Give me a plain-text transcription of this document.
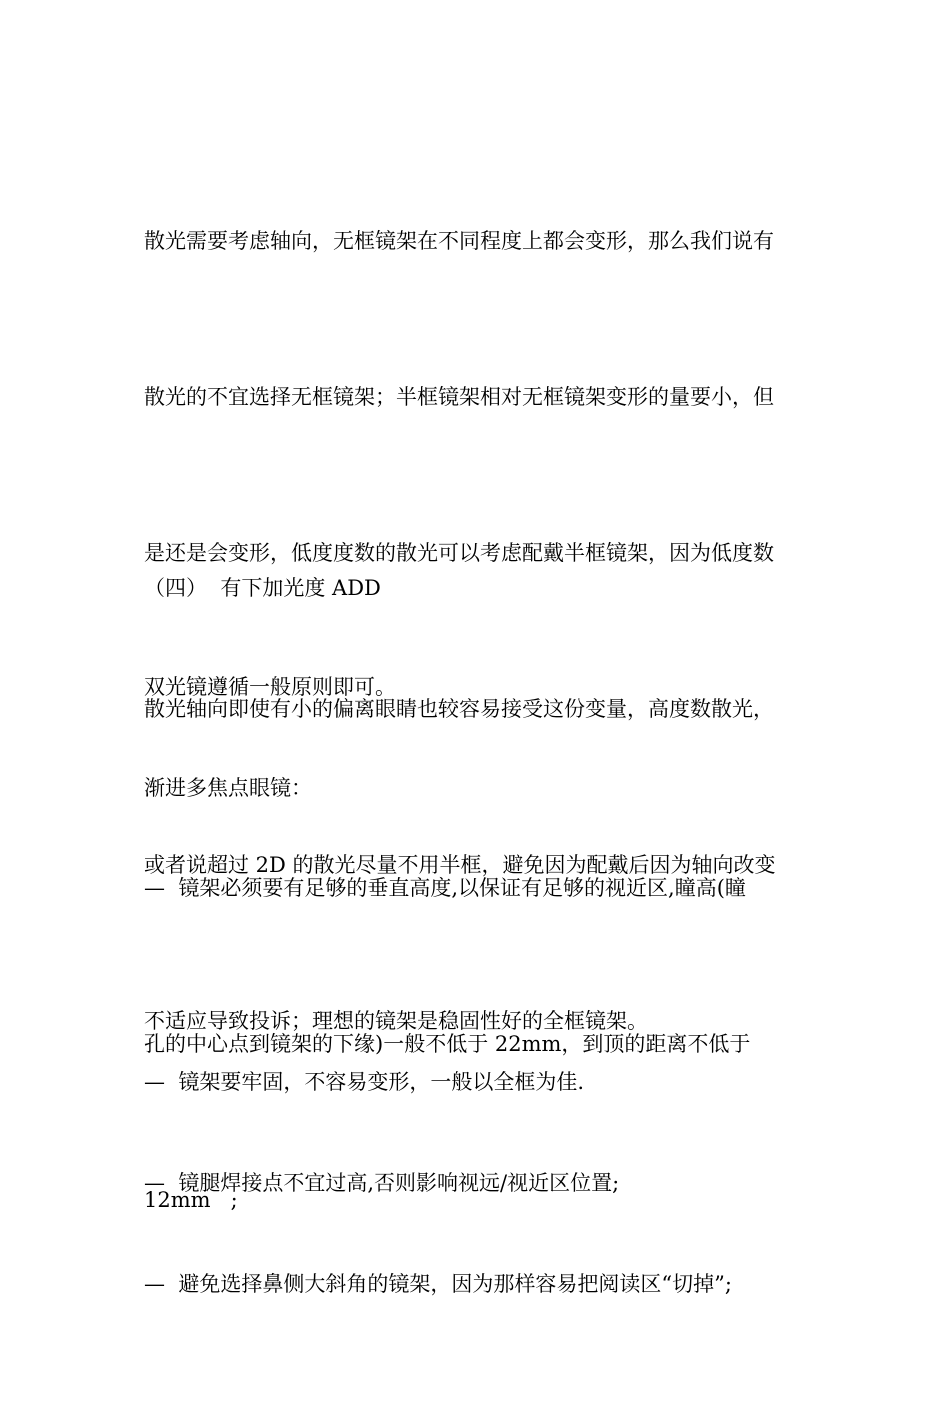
散光需要考虑轴向，无框镜架在不同程度上都会变形，那么我们说有

散光的不宜选择无框镜架；半框镜架相对无框镜架变形的量要小，但

是还是会变形，低度度数的散光可以考虑配戴半框镜架，因为低度数

散光轴向即使有小的偏离眼睛也较容易接受这份变量，高度数散光，

或者说超过 2D 的散光尽量不用半框，避免因为配戴后因为轴向改变

不适应导致投诉；理想的镜架是稳固性好的全框镜架。

（四）  有下加光度 ADD

双光镜遵循一般原则即可。

渐进多焦点眼镜：

—  镜架必须要有足够的垂直高度,以保证有足够的视近区,瞳高(瞳

孔的中心点到镜架的下缘)一般不低于 22mm，到顶的距离不低于

12mm   ;

—  镜架要牢固，不容易变形，一般以全框为佳.

—  镜腿焊接点不宜过高,否则影响视远/视近区位置;

—  避免选择鼻侧大斜角的镜架，因为那样容易把阅读区“切掉”;
